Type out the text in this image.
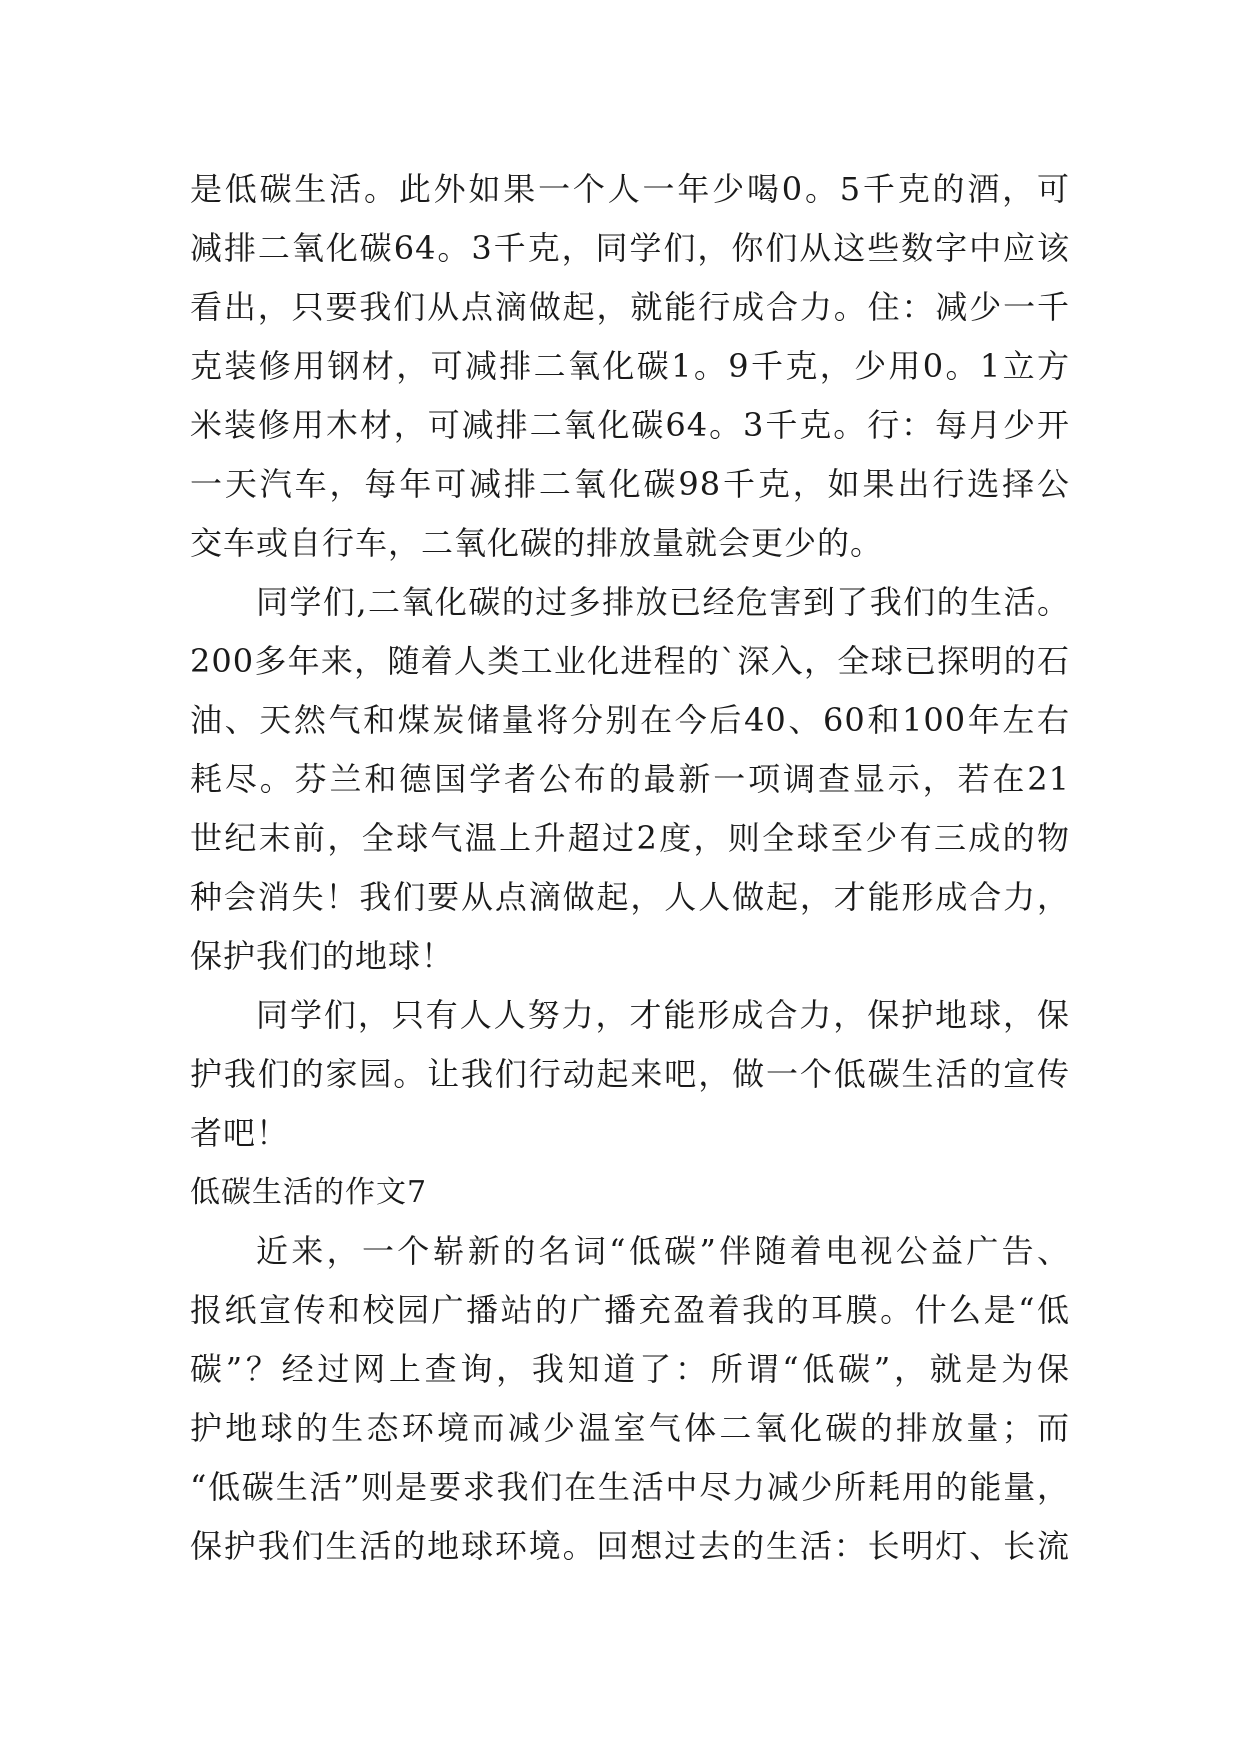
是低碳生活。此外如果一个人一年少喝0。5千克的酒，可
减排二氧化碳64。3千克，同学们，你们从这些数字中应该
看出，只要我们从点滴做起，就能行成合力。住：减少一千
克装修用钢材，可减排二氧化碳1。9千克，少用0。1立方
米装修用木材，可减排二氧化碳64。3千克。行：每月少开
一天汽车，每年可减排二氧化碳98千克，如果出行选择公
交车或自行车，二氧化碳的排放量就会更少的。
同学们,二氧化碳的过多排放已经危害到了我们的生活。
200多年来，随着人类工业化进程的`深入，全球已探明的石
油、天然气和煤炭储量将分别在今后40、60和100年左右
耗尽。芬兰和德国学者公布的最新一项调查显示，若在21
世纪末前，全球气温上升超过2度，则全球至少有三成的物
种会消失！我们要从点滴做起，人人做起，才能形成合力，
保护我们的地球！
同学们，只有人人努力，才能形成合力，保护地球，保
护我们的家园。让我们行动起来吧，做一个低碳生活的宣传
者吧！
低碳生活的作文7
近来，一个崭新的名词“低碳”伴随着电视公益广告、
报纸宣传和校园广播站的广播充盈着我的耳膜。什么是“低
碳”？经过网上查询，我知道了：所谓“低碳”，就是为保
护地球的生态环境而减少温室气体二氧化碳的排放量；而
“低碳生活”则是要求我们在生活中尽力减少所耗用的能量，
保护我们生活的地球环境。回想过去的生活：长明灯、长流
